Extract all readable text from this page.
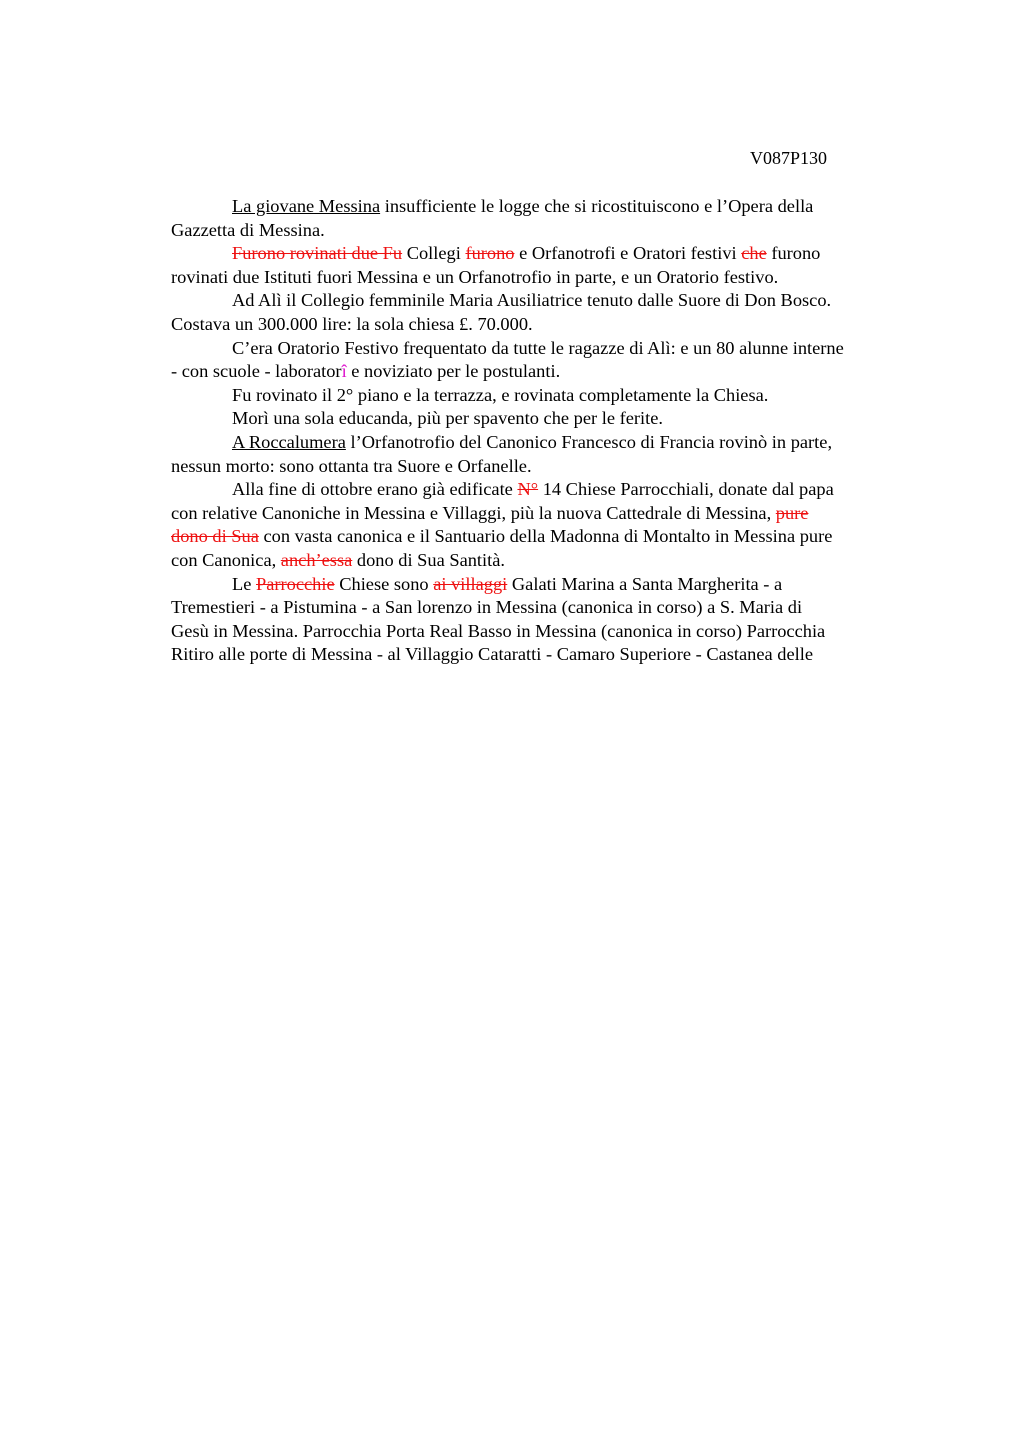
V087P130

La giovane Messina insufficiente le logge che si ricostituiscono e l’Opera della

Gazzetta di Messina.

Furono rovinati due Fu Collegi furono e Orfanotrofi e Oratori festivi che furono

rovinati due Istituti fuori Messina e un Orfanotrofio in parte, e un Oratorio festivo.

Ad Alì il Collegio femminile Maria Ausiliatrice tenuto dalle Suore di Don Bosco.

Costava un 300.000 lire: la sola chiesa £. 70.000.

C’era Oratorio Festivo frequentato da tutte le ragazze di Alì: e un 80 alunne interne

- con scuole - laboratorî e noviziato per le postulanti.

Fu rovinato il 2° piano e la terrazza, e rovinata completamente la Chiesa.

Morì una sola educanda, più per spavento che per le ferite.

A Roccalumera l’Orfanotrofio del Canonico Francesco di Francia rovinò in parte,

nessun morto: sono ottanta tra Suore e Orfanelle.

Alla fine di ottobre erano già edificate N° 14 Chiese Parrocchiali, donate dal papa

con relative Canoniche in Messina e Villaggi, più la nuova Cattedrale di Messina, pure

dono di Sua con vasta canonica e il Santuario della Madonna di Montalto in Messina pure

con Canonica, anch’essa dono di Sua Santità.

Le Parrocchie Chiese sono ai villaggi Galati Marina a Santa Margherita - a

Tremestieri - a Pistumina - a San lorenzo in Messina (canonica in corso) a S. Maria di

Gesù in Messina. Parrocchia Porta Real Basso in Messina (canonica in corso) Parrocchia

Ritiro alle porte di Messina - al Villaggio Cataratti - Camaro Superiore - Castanea delle
